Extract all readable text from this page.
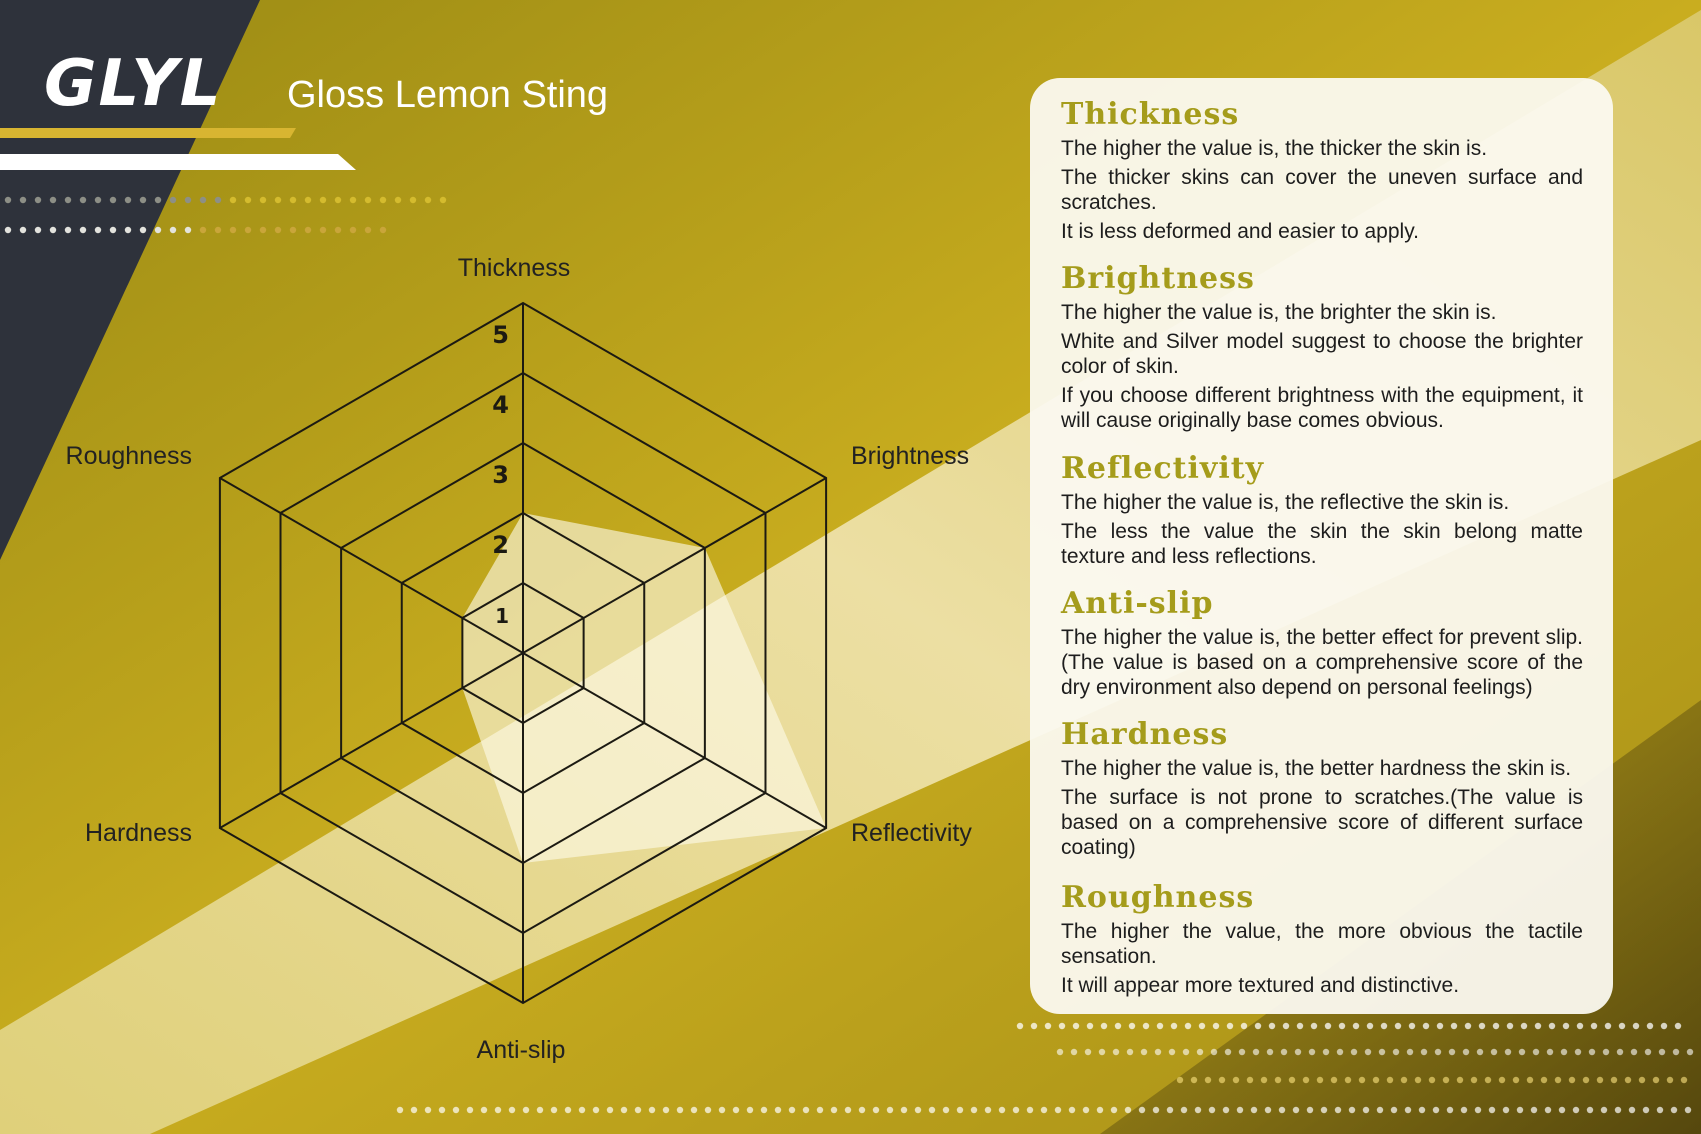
GLYL Gloss Lemon Sting
1
2
3
4
5
Thickness
Brightness
Reflectivity
Anti-slip
Hardness
Roughness
Thickness
The higher the value is, the thicker the skin is.
The thicker skins can cover the uneven surface and scratches.
It is less deformed and easier to apply.
Brightness
The higher the value is, the brighter the skin is.
White and Silver model suggest to choose the brighter color of skin.
If you choose different brightness with the equipment, it will cause originally base comes obvious.
Reflectivity
The higher the value is, the reflective the skin is.
The less the value the skin the skin belong matte texture and less reflections.
Anti-slip
The higher the value is, the better effect for prevent slip.(The value is based on a comprehensive score of the dry environment also depend on personal feelings)
Hardness
The higher the value is, the better hardness the skin is.
The surface is not prone to scratches.(The value is based on a comprehensive score of different surface coating)
Roughness
The higher the value, the more obvious the tactile sensation.
It will appear more textured and distinctive.
